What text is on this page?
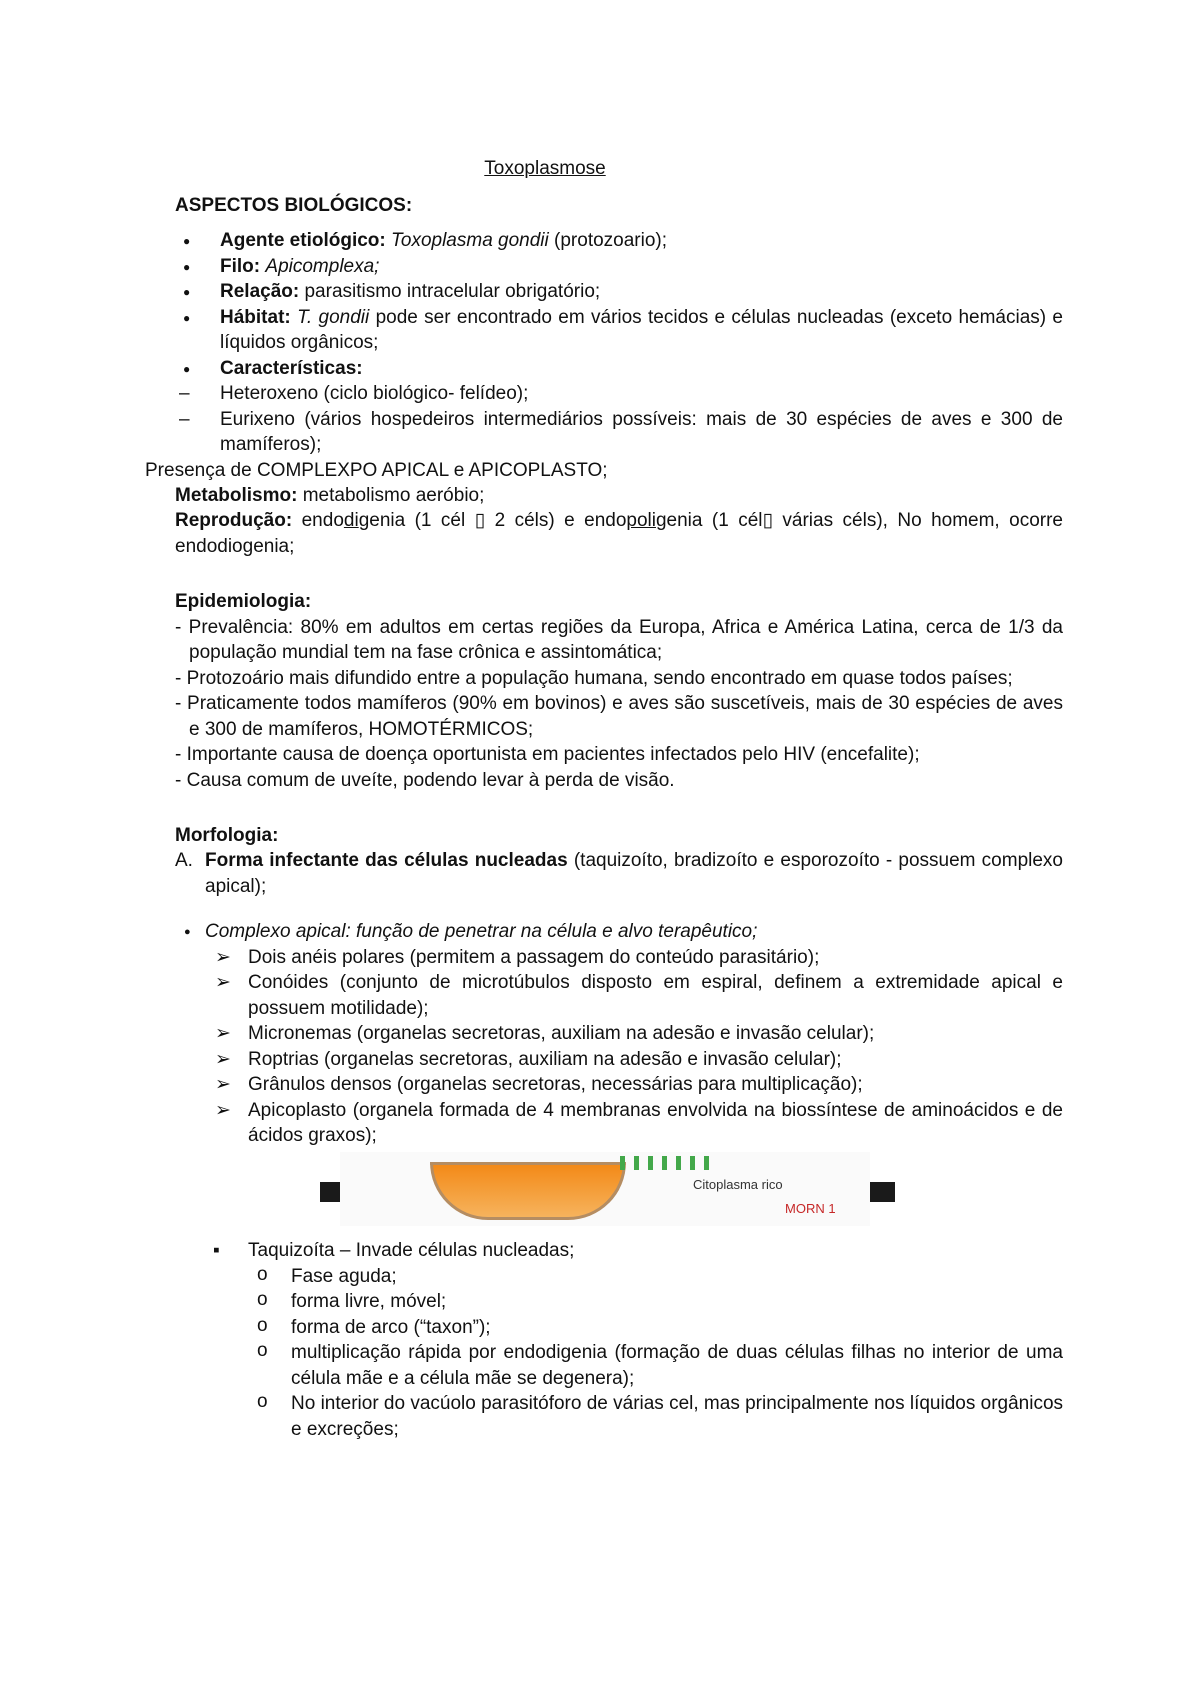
Toxoplasmose
ASPECTOS BIOLÓGICOS:
● Agente etiológico: Toxoplasma gondii (protozoario);
● Filo: Apicomplexa;
● Relação: parasitismo intracelular obrigatório;
● Hábitat: T. gondii pode ser encontrado em vários tecidos e células nucleadas (exceto hemácias) e líquidos orgânicos;
● Características:
– Heteroxeno (ciclo biológico- felídeo);
– Eurixeno (vários hospedeiros intermediários possíveis: mais de 30 espécies de aves e 300 de mamíferos);
Presença de COMPLEXPO APICAL e APICOPLASTO;
Metabolismo: metabolismo aeróbio;
Reprodução: endodigenia (1 cél ▯ 2 céls) e endopoligenia (1 cél▯ várias céls), No homem, ocorre endodiogenia;
Epidemiologia:
- Prevalência: 80% em adultos em certas regiões da Europa, Africa e América Latina, cerca de 1/3 da população mundial tem na fase crônica e assintomática;
- Protozoário mais difundido entre a população humana, sendo encontrado em quase todos países;
- Praticamente todos mamíferos (90% em bovinos) e aves são suscetíveis, mais de 30 espécies de aves e 300 de mamíferos, HOMOTÉRMICOS;
- Importante causa de doença oportunista em pacientes infectados pelo HIV (encefalite);
- Causa comum de uveíte, podendo levar à perda de visão.
Morfologia:
A. Forma infectante das células nucleadas (taquizoíto, bradizoíto e esporozoíto - possuem complexo apical);
● Complexo apical: função de penetrar na célula e alvo terapêutico;
➢ Dois anéis polares (permitem a passagem do conteúdo parasitário);
➢ Conóides (conjunto de microtúbulos disposto em espiral, definem a extremidade apical e possuem motilidade);
➢ Micronemas (organelas secretoras, auxiliam na adesão e invasão celular);
➢ Roptrias (organelas secretoras, auxiliam na adesão e invasão celular);
➢ Grânulos densos (organelas secretoras, necessárias para multiplicação);
➢ Apicoplasto (organela formada de 4 membranas envolvida na biossíntese de aminoácidos e de ácidos graxos);
Citoplasma rico
MORN 1
▪ Taquizoíta – Invade células nucleadas;
o Fase aguda;
o forma livre, móvel;
o forma de arco (“taxon”);
o multiplicação rápida por endodigenia (formação de duas células filhas no interior de uma célula mãe e a célula mãe se degenera);
o No interior do vacúolo parasitóforo de várias cel, mas principalmente nos líquidos orgânicos e excreções;
